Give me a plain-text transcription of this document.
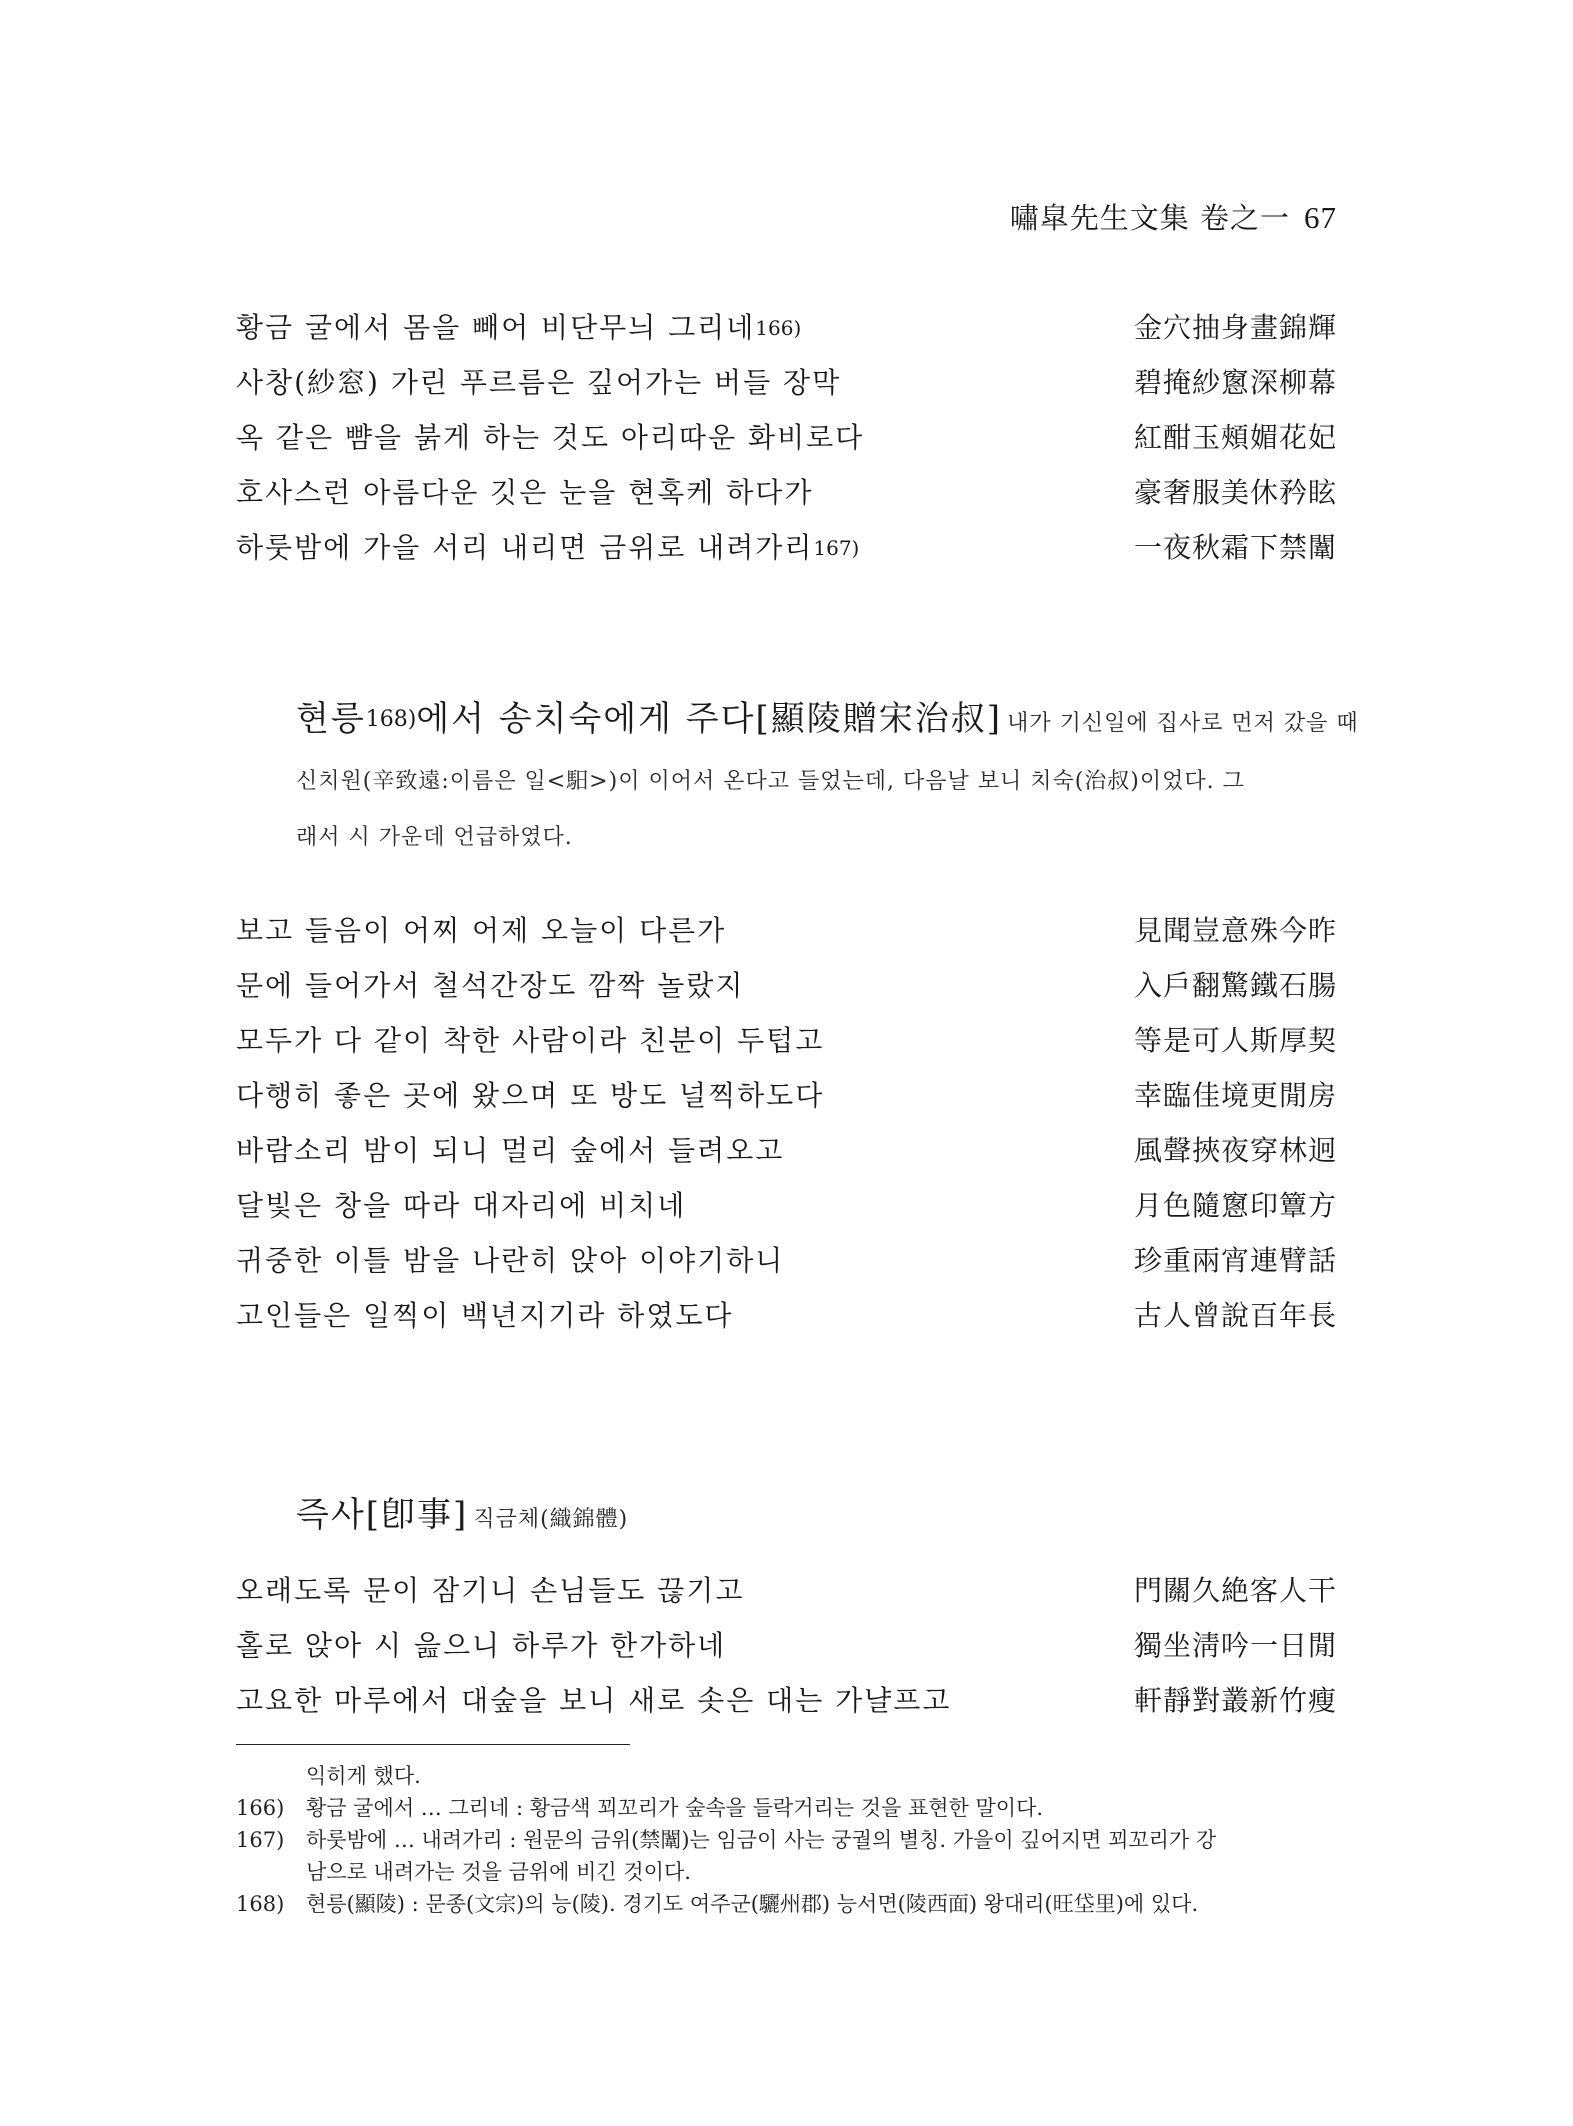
嘯皐先生文集 卷之一 67
황금 굴에서 몸을 빼어 비단무늬 그리네166)	金穴抽身畫錦輝
사창(紗窓) 가린 푸르름은 깊어가는 버들 장막	碧掩紗窻深柳幕
옥 같은 뺨을 붉게 하는 것도 아리따운 화비로다	紅酣玉頰媚花妃
호사스런 아름다운 깃은 눈을 현혹케 하다가	豪奢服美休矜眩
하룻밤에 가을 서리 내리면 금위로 내려가리167)	一夜秋霜下禁闈
현릉168)에서 송치숙에게 주다[顯陵贈宋治叔] 내가 기신일에 집사로 먼저 갔을 때
신치원(辛致遠:이름은 일<馹>)이 이어서 온다고 들었는데, 다음날 보니 치숙(治叔)이었다. 그
래서 시 가운데 언급하였다.
보고 들음이 어찌 어제 오늘이 다른가	見聞豈意殊今昨
문에 들어가서 철석간장도 깜짝 놀랐지	入戶翻驚鐵石腸
모두가 다 같이 착한 사람이라 친분이 두텁고	等是可人斯厚契
다행히 좋은 곳에 왔으며 또 방도 널찍하도다	幸臨佳境更閒房
바람소리 밤이 되니 멀리 숲에서 들려오고	風聲挾夜穿林迥
달빛은 창을 따라 대자리에 비치네	月色隨窻印簟方
귀중한 이틀 밤을 나란히 앉아 이야기하니	珍重兩宵連臂話
고인들은 일찍이 백년지기라 하였도다	古人曾說百年長
즉사[卽事] 직금체(織錦體)
오래도록 문이 잠기니 손님들도 끊기고	門關久絶客人干
홀로 앉아 시 읊으니 하루가 한가하네	獨坐淸吟一日閒
고요한 마루에서 대숲을 보니 새로 솟은 대는 가냘프고	軒靜對叢新竹瘦
익히게 했다.
166) 황금 굴에서 … 그리네 : 황금색 꾀꼬리가 숲속을 들락거리는 것을 표현한 말이다.
167) 하룻밤에 … 내려가리 : 원문의 금위(禁闈)는 임금이 사는 궁궐의 별칭. 가을이 깊어지면 꾀꼬리가 강
남으로 내려가는 것을 금위에 비긴 것이다.
168) 현릉(顯陵) : 문종(文宗)의 능(陵). 경기도 여주군(驪州郡) 능서면(陵西面) 왕대리(旺垈里)에 있다.
